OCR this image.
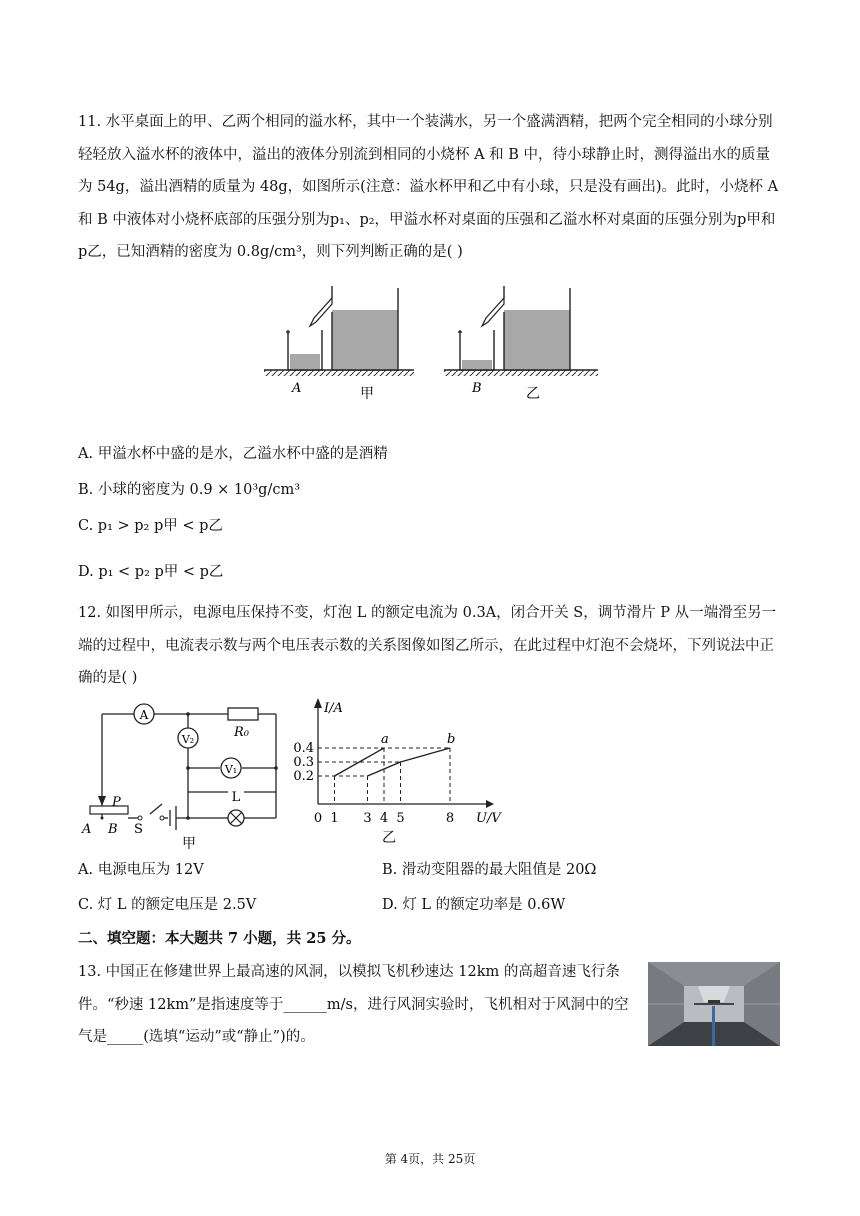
11. 水平桌面上的甲、乙两个相同的溢水杯，其中一个装满水，另一个盛满酒精，把两个完全相同的小球分别轻轻放入溢水杯的液体中，溢出的液体分别流到相同的小烧杯 A 和 B 中，待小球静止时，测得溢出水的质量为 54g，溢出酒精的质量为 48g，如图所示(注意：溢水杯甲和乙中有小球，只是没有画出)。此时，小烧杯 A 和 B 中液体对小烧杯底部的压强分别为p₁、p₂，甲溢水杯对桌面的压强和乙溢水杯对桌面的压强分别为p甲和p乙，已知酒精的密度为 0.8g/cm³，则下列判断正确的是( )
A	甲	B	乙
A. 甲溢水杯中盛的是水，乙溢水杯中盛的是酒精
B. 小球的密度为 0.9 × 10³g/cm³
C. p₁ > p₂ p甲 < p乙
D. p₁ < p₂ p甲 < p乙
12. 如图甲所示，电源电压保持不变，灯泡 L 的额定电流为 0.3A，闭合开关 S，调节滑片 P 从一端滑至另一端的过程中，电流表示数与两个电压表示数的关系图像如图乙所示，在此过程中灯泡不会烧坏，下列说法中正确的是( )
A
R₀
V₂
V₁
L
P
A B S
甲
I/A
U/V
乙
0 1 3 4 5	8
0.2
0.3
0.4
a	b
A. 电源电压为 12V	B. 滑动变阻器的最大阻值是 20Ω
C. 灯 L 的额定电压是 2.5V	D. 灯 L 的额定功率是 0.6W
二、填空题：本大题共 7 小题，共 25 分。
13. 中国正在修建世界上最高速的风洞，以模拟飞机秒速达 12km 的高超音速飞行条件。“秒速 12km”是指速度等于______m/s，进行风洞实验时，飞机相对于风洞中的空气是_____(选填“运动”或“静止”)的。
第 4页，共 25页
